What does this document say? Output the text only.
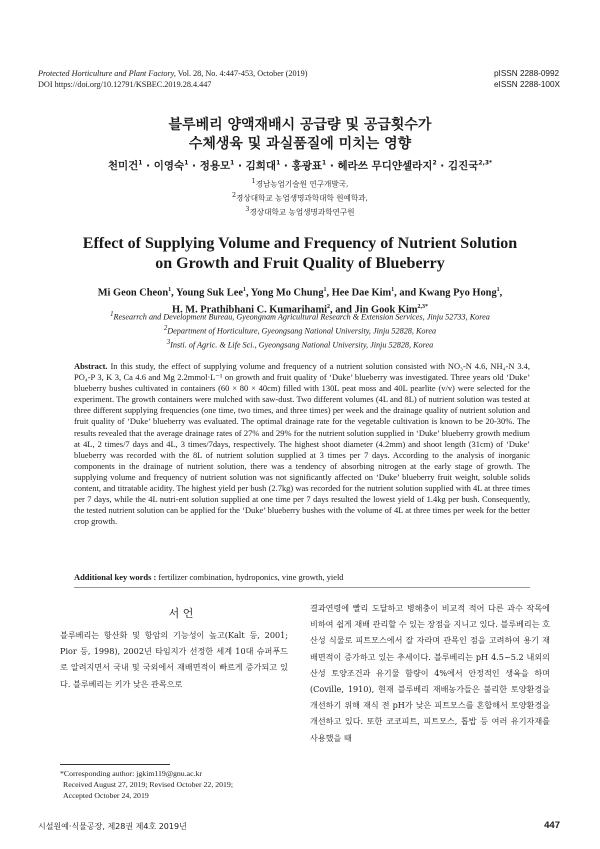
Protected Horticulture and Plant Factory, Vol. 28, No. 4:447-453, October (2019)
DOI https://doi.org/10.12791/KSBEC.2019.28.4.447
pISSN 2288-0992
eISSN 2288-100X
블루베리 양액재배시 공급량 및 공급횟수가
수체생육 및 과실품질에 미치는 영향
천미건$^1$ · 이영숙$^1$ · 정용모$^1$ · 김희대$^1$ · 홍광표$^1$ · 헤라쓰 무디얀셀라지$^2$ · 김진국$^{2,3*}$
$^1$경남농업기술원 연구개발국,
$^2$경상대학교 농업생명과학대학 원예학과,
$^3$경상대학교 농업생명과학연구원
Effect of Supplying Volume and Frequency of Nutrient Solution
on Growth and Fruit Quality of Blueberry
Mi Geon Cheon$^1$, Young Suk Lee$^1$, Yong Mo Chung$^1$, Hee Dae Kim$^1$, and Kwang Pyo Hong$^1$,
H. M. Prathibhani C. Kumarihami$^2$, and Jin Gook Kim$^{2,3*}$
$^1$Researrch and Development Bureau, Gyeongnam Agricultural Research & Extension Services, Jinju 52733, Korea
$^2$Department of Horticulture, Gyeongsang National University, Jinju 52828, Korea
$^3$Insti. of Agric. & Life Sci., Gyeongsang National University, Jinju 52828, Korea
Abstract. In this study, the effect of supplying volume and frequency of a nutrient solution consisted with NO₃-N 4.6, NH₄-N 3.4, PO₄-P 3, K 3, Ca 4.6 and Mg 2.2mmol·L⁻¹ on growth and fruit quality of ‘Duke’ blueberry was investigated. Three years old ‘Duke’ blueberry bushes cultivated in containers (60 × 80 × 40cm) filled with 130L peat moss and 40L pearlite (v/v) were selected for the experiment. The growth containers were mulched with saw-dust. Two different volumes (4L and 8L) of nutrient solution was tested at three different supplying frequencies (one time, two times, and three times) per week and the drainage quality of nutrient solution and fruit quality of ‘Duke’ blueberry was evaluated. The optimal drainage rate for the vegetable cultivation is known to be 20-30%. The results revealed that the average drainage rates of 27% and 29% for the nutrient solution supplied in ‘Duke’ blueberry growth medium at 4L, 2 times/7 days and 4L, 3 times/7days, respectively. The highest shoot diameter (4.2mm) and shoot length (31cm) of ‘Duke’ blueberry was recorded with the 8L of nutrient solution supplied at 3 times per 7 days. According to the analysis of inorganic components in the drainage of nutrient solution, there was a tendency of absorbing nitrogen at the early stage of growth. The supplying volume and frequency of nutrient solution was not significantly affected on ‘Duke’ blueberry fruit weight, soluble solids content, and titratable acidity. The highest yield per bush (2.7kg) was recorded for the nutrient solution supplied with 4L at three times per 7 days, while the 4L nutri-ent solution supplied at one time per 7 days resulted the lowest yield of 1.4kg per bush. Consequently, the tested nutrient solution can be applied for the ‘Duke’ blueberry bushes with the volume of 4L at three times per week for the better crop growth.
Additional key words : fertilizer combination, hydroponics, vine growth, yield
서 언
블루베리는 항산화 및 항암의 기능성이 높고(Kalt 등, 2001; Pior 등, 1998), 2002년 타임지가 선정한 세계 10대 슈퍼푸드로 알려지면서 국내 및 국외에서 재배면적이 빠르게 증가되고 있다. 블루베리는 키가 낮은 관목으로
결과연령에 빨리 도달하고 병해충이 비교적 적어 다른 과수 작목에 비하여 쉽게 재배 관리할 수 있는 장점을 지니고 있다. 블루베리는 호산성 식물로 피트모스에서 잘 자라며 관목인 점을 고려하여 용기 재배면적이 증가하고 있는 추세이다. 블루베리는 pH 4.5~5.2 내외의 산성 토양조건과 유기물 함량이 4%에서 안정적인 생육을 하며(Coville, 1910), 현재 블루베리 재배농가들은 불리한 토양환경을 개선하기 위해 재식 전 pH가 낮은 피트모스를 혼합해서 토양환경을 개선하고 있다. 또한 코코피트, 피트모스, 톱밥 등 여러 유기자재를 사용했을 때
*Corresponding author: jgkim119@gnu.ac.kr
Received August 27, 2019; Revised October 22, 2019;
Accepted October 24, 2019
시설원예·식물공장, 제28권 제4호 2019년	447
